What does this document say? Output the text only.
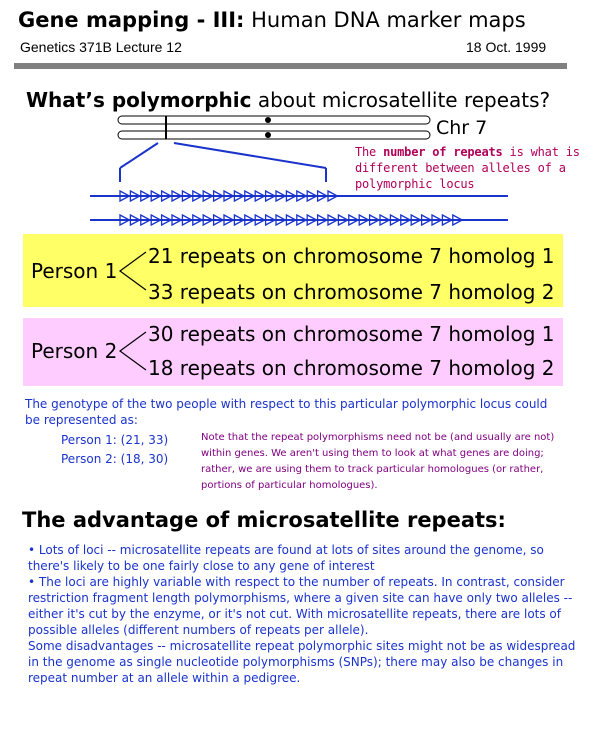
Gene mapping - III: Human DNA marker maps
Genetics 371B Lecture 12	18 Oct. 1999
What’s polymorphic about microsatellite repeats?
Chr 7
The number of repeats is what is different between alleles of a polymorphic locus
Person 1
21 repeats on chromosome 7 homolog 1
33 repeats on chromosome 7 homolog 2
Person 2
30 repeats on chromosome 7 homolog 1
18 repeats on chromosome 7 homolog 2
The genotype of the two people with respect to this particular polymorphic locus could be represented as:
Person 1: (21, 33)
Person 2: (18, 30)
Note that the repeat polymorphisms need not be (and usually are not) within genes. We aren't using them to look at what genes are doing; rather, we are using them to track particular homologues (or rather, portions of particular homologues).
The advantage of microsatellite repeats:

• Lots of loci -- microsatellite repeats are found at lots of sites around the genome, so there's likely to be one fairly close to any gene of interest

• The loci are highly variable with respect to the number of repeats. In contrast, consider restriction fragment length polymorphisms, where a given site can have only two alleles -- either it's cut by the enzyme, or it's not cut. With microsatellite repeats, there are lots of possible alleles (different numbers of repeats per allele).

Some disadvantages -- microsatellite repeat polymorphic sites might not be as widespread in the genome as single nucleotide polymorphisms (SNPs); there may also be changes in repeat number at an allele within a pedigree.
